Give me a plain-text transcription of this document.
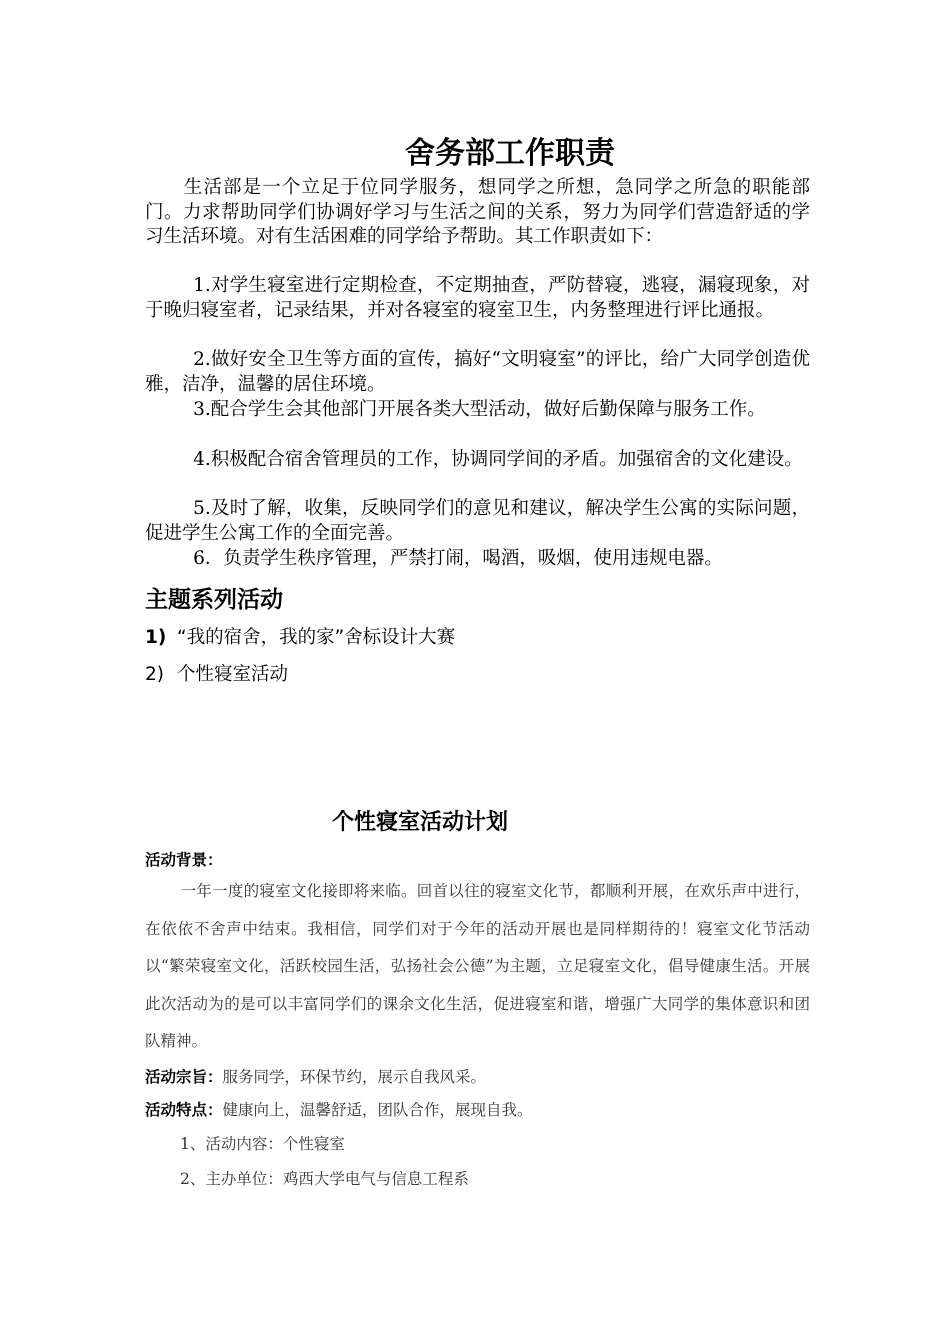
舍务部工作职责
生活部是一个立足于位同学服务，想同学之所想，急同学之所急的职能部门。力求帮助同学们协调好学习与生活之间的关系，努力为同学们营造舒适的学习生活环境。对有生活困难的同学给予帮助。其工作职责如下：
1.对学生寝室进行定期检查，不定期抽查，严防替寝，逃寝，漏寝现象，对于晚归寝室者，记录结果，并对各寝室的寝室卫生，内务整理进行评比通报。
2.做好安全卫生等方面的宣传，搞好“文明寝室”的评比，给广大同学创造优雅，洁净，温馨的居住环境。
3.配合学生会其他部门开展各类大型活动，做好后勤保障与服务工作。
4.积极配合宿舍管理员的工作，协调同学间的矛盾。加强宿舍的文化建设。
5.及时了解，收集，反映同学们的意见和建议，解决学生公寓的实际问题，促进学生公寓工作的全面完善。
6．负责学生秩序管理，严禁打闹，喝酒，吸烟，使用违规电器。
主题系列活动
1) “我的宿舍，我的家”舍标设计大赛
2) 个性寝室活动
个性寝室活动计划
活动背景：
一年一度的寝室文化接即将来临。回首以往的寝室文化节，都顺利开展，在欢乐声中进行，在依依不舍声中结束。我相信，同学们对于今年的活动开展也是同样期待的！寝室文化节活动以“繁荣寝室文化，活跃校园生活，弘扬社会公德”为主题，立足寝室文化，倡导健康生活。开展此次活动为的是可以丰富同学们的课余文化生活，促进寝室和谐，增强广大同学的集体意识和团队精神。
活动宗旨：服务同学，环保节约，展示自我风采。
活动特点：健康向上，温馨舒适，团队合作，展现自我。
1、活动内容：个性寝室
2、主办单位：鸡西大学电气与信息工程系
